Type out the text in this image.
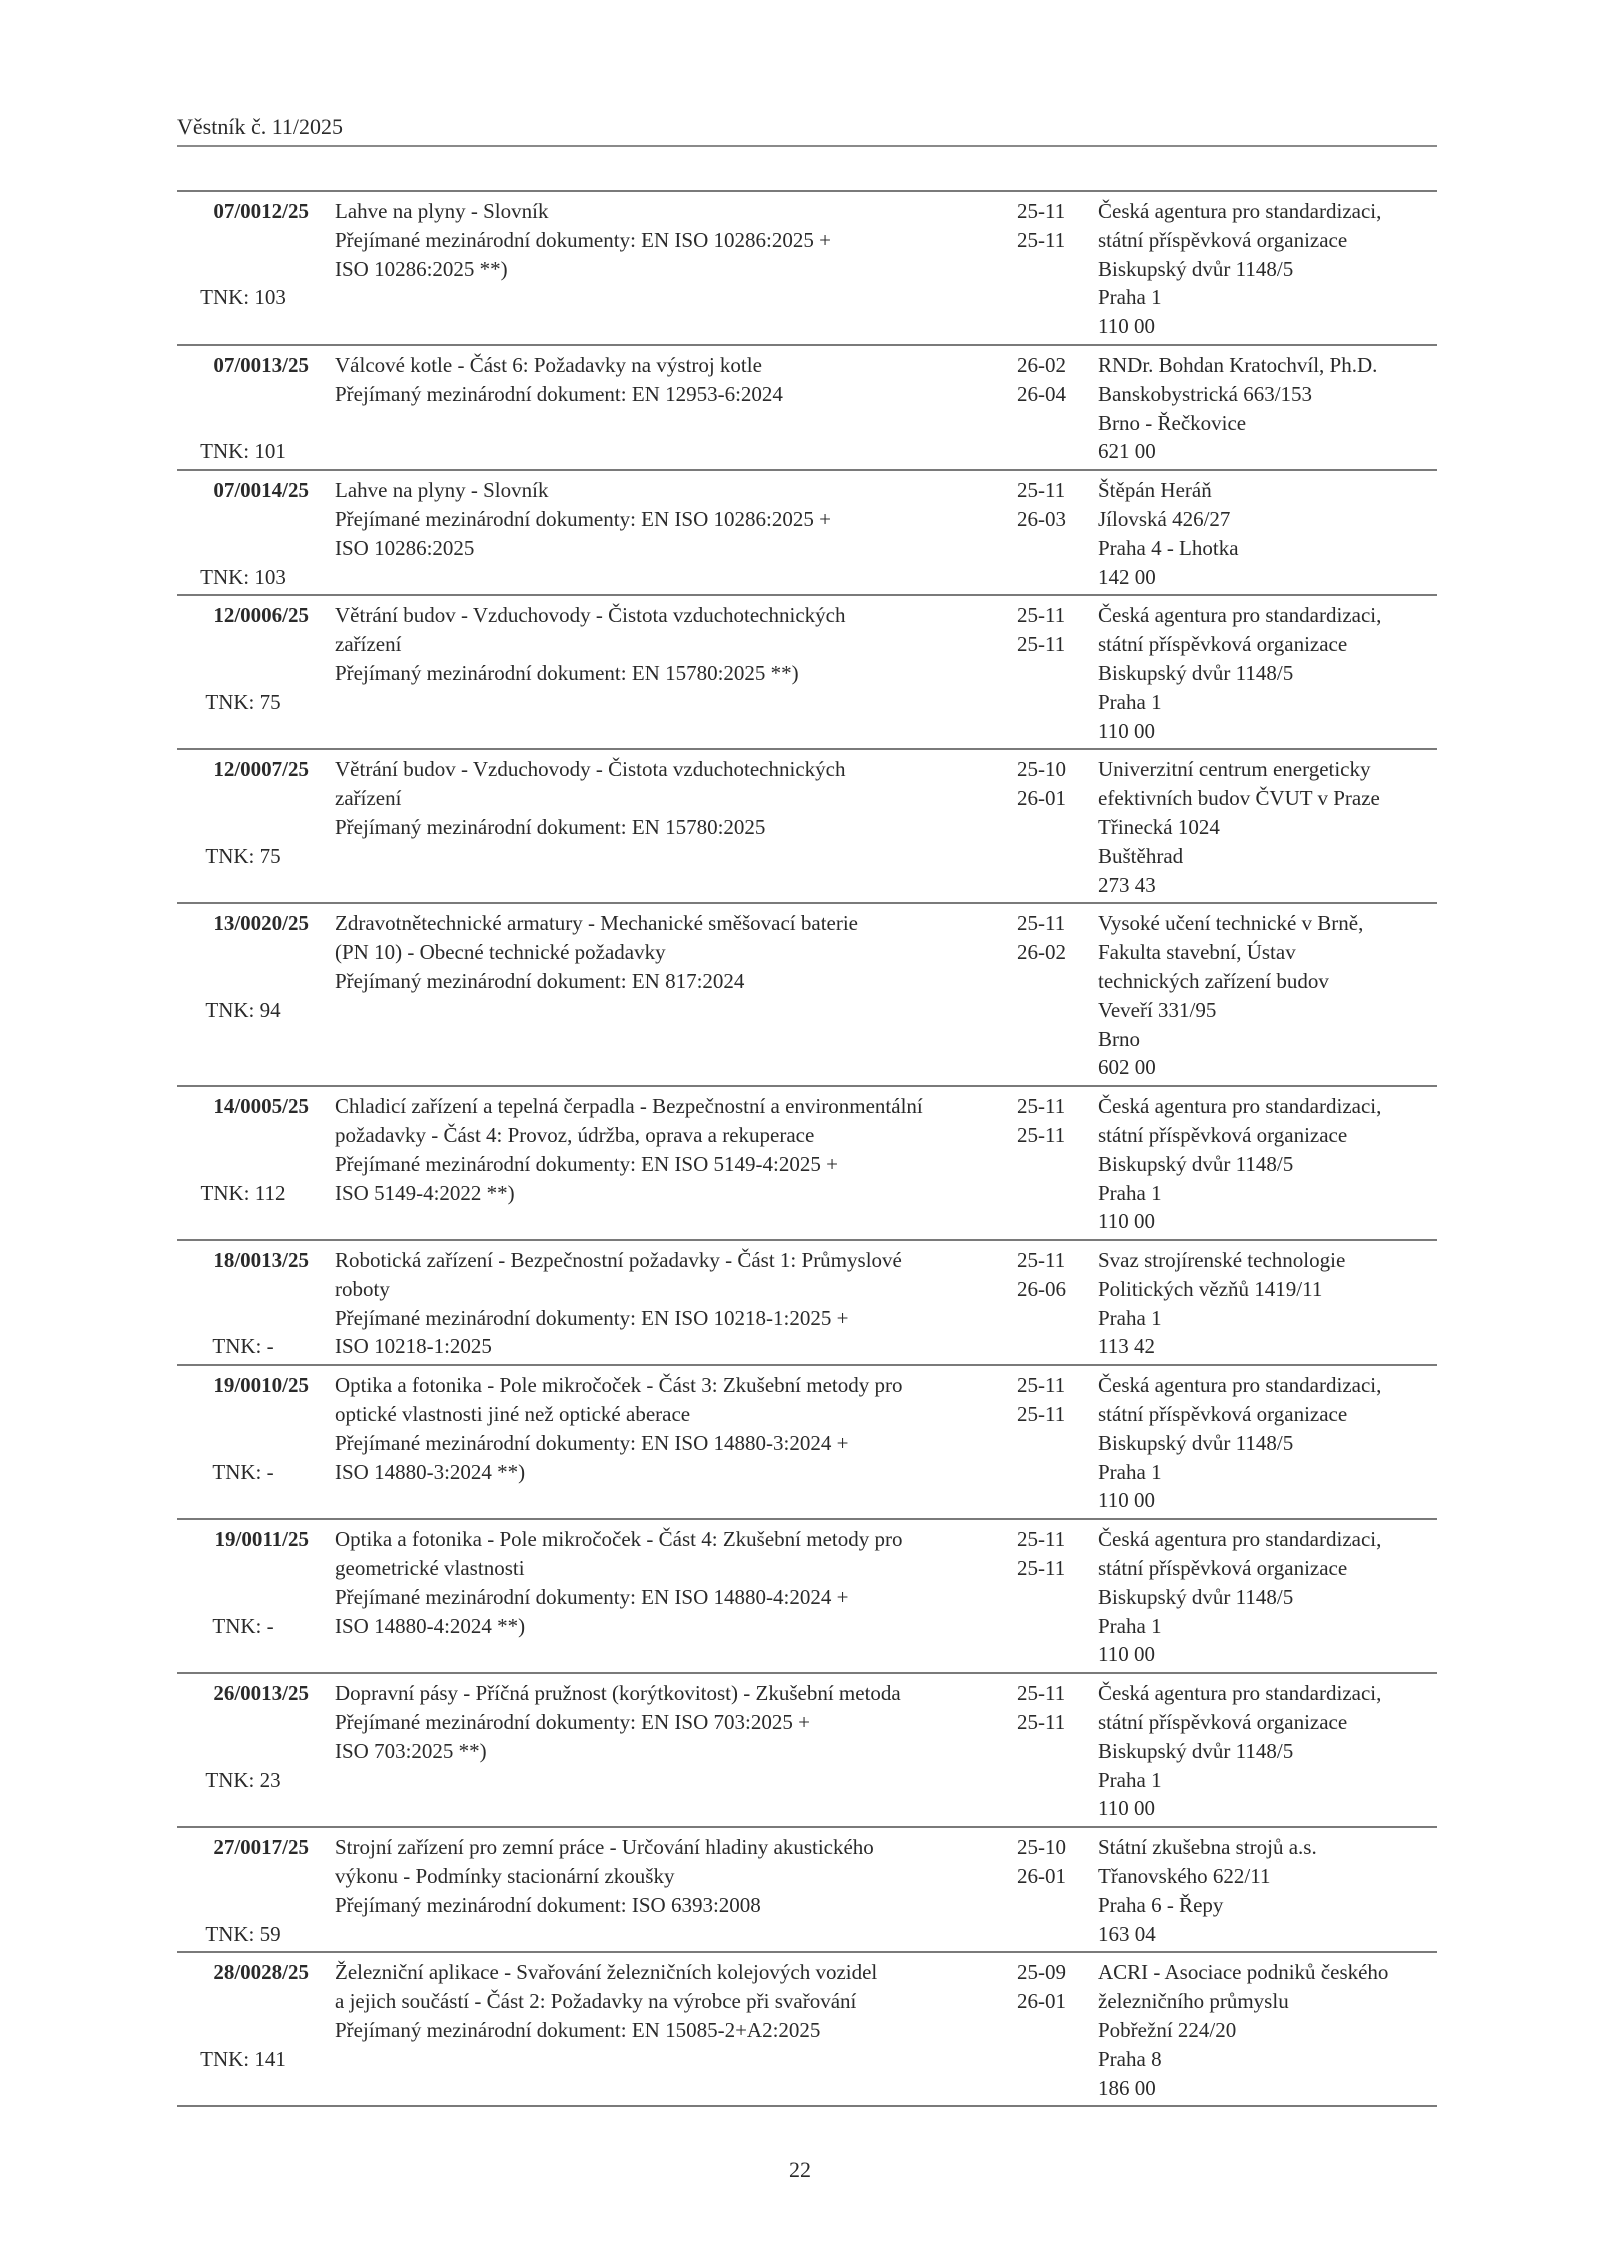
Věstník č. 11/2025
07/0012/25

TNK: 103
Lahve na plyny - Slovník
Přejímané mezinárodní dokumenty: EN ISO 10286:2025 +
ISO 10286:2025 **)
25-11
25-11
Česká agentura pro standardizaci,
státní příspěvková organizace
Biskupský dvůr 1148/5
Praha 1
110 00
07/0013/25

TNK: 101
Válcové kotle - Část 6: Požadavky na výstroj kotle
Přejímaný mezinárodní dokument: EN 12953-6:2024
26-02
26-04
RNDr. Bohdan Kratochvíl, Ph.D.
Banskobystrická 663/153
Brno - Řečkovice
621 00
07/0014/25

TNK: 103
Lahve na plyny - Slovník
Přejímané mezinárodní dokumenty: EN ISO 10286:2025 +
ISO 10286:2025
25-11
26-03
Štěpán Heráň
Jílovská 426/27
Praha 4 - Lhotka
142 00
12/0006/25

TNK: 75
Větrání budov - Vzduchovody - Čistota vzduchotechnických
zařízení
Přejímaný mezinárodní dokument: EN 15780:2025 **)
25-11
25-11
Česká agentura pro standardizaci,
státní příspěvková organizace
Biskupský dvůr 1148/5
Praha 1
110 00
12/0007/25

TNK: 75
Větrání budov - Vzduchovody - Čistota vzduchotechnických
zařízení
Přejímaný mezinárodní dokument: EN 15780:2025
25-10
26-01
Univerzitní centrum energeticky
efektivních budov ČVUT v Praze
Třinecká 1024
Buštěhrad
273 43
13/0020/25

TNK: 94
Zdravotnětechnické armatury - Mechanické směšovací baterie
(PN 10) - Obecné technické požadavky
Přejímaný mezinárodní dokument: EN 817:2024
25-11
26-02
Vysoké učení technické v Brně,
Fakulta stavební, Ústav
technických zařízení budov
Veveří 331/95
Brno
602 00
14/0005/25

TNK: 112
Chladicí zařízení a tepelná čerpadla - Bezpečnostní a environmentální
požadavky - Část 4: Provoz, údržba, oprava a rekuperace
Přejímané mezinárodní dokumenty: EN ISO 5149-4:2025 +
ISO 5149-4:2022 **)
25-11
25-11
Česká agentura pro standardizaci,
státní příspěvková organizace
Biskupský dvůr 1148/5
Praha 1
110 00
18/0013/25

TNK: -
Robotická zařízení - Bezpečnostní požadavky - Část 1: Průmyslové
roboty
Přejímané mezinárodní dokumenty: EN ISO 10218-1:2025 +
ISO 10218-1:2025
25-11
26-06
Svaz strojírenské technologie
Politických vězňů 1419/11
Praha 1
113 42
19/0010/25

TNK: -
Optika a fotonika - Pole mikročoček - Část 3: Zkušební metody pro
optické vlastnosti jiné než optické aberace
Přejímané mezinárodní dokumenty: EN ISO 14880-3:2024 +
ISO 14880-3:2024 **)
25-11
25-11
Česká agentura pro standardizaci,
státní příspěvková organizace
Biskupský dvůr 1148/5
Praha 1
110 00
19/0011/25

TNK: -
Optika a fotonika - Pole mikročoček - Část 4: Zkušební metody pro
geometrické vlastnosti
Přejímané mezinárodní dokumenty: EN ISO 14880-4:2024 +
ISO 14880-4:2024 **)
25-11
25-11
Česká agentura pro standardizaci,
státní příspěvková organizace
Biskupský dvůr 1148/5
Praha 1
110 00
26/0013/25

TNK: 23
Dopravní pásy - Příčná pružnost (korýtkovitost) - Zkušební metoda
Přejímané mezinárodní dokumenty: EN ISO 703:2025 +
ISO 703:2025 **)
25-11
25-11
Česká agentura pro standardizaci,
státní příspěvková organizace
Biskupský dvůr 1148/5
Praha 1
110 00
27/0017/25

TNK: 59
Strojní zařízení pro zemní práce - Určování hladiny akustického
výkonu - Podmínky stacionární zkoušky
Přejímaný mezinárodní dokument: ISO 6393:2008
25-10
26-01
Státní zkušebna strojů a.s.
Třanovského 622/11
Praha 6 - Řepy
163 04
28/0028/25

TNK: 141
Železniční aplikace - Svařování železničních kolejových vozidel
a jejich součástí - Část 2: Požadavky na výrobce při svařování
Přejímaný mezinárodní dokument: EN 15085-2+A2:2025
25-09
26-01
ACRI - Asociace podniků českého
železničního průmyslu
Pobřežní 224/20
Praha 8
186 00
22
